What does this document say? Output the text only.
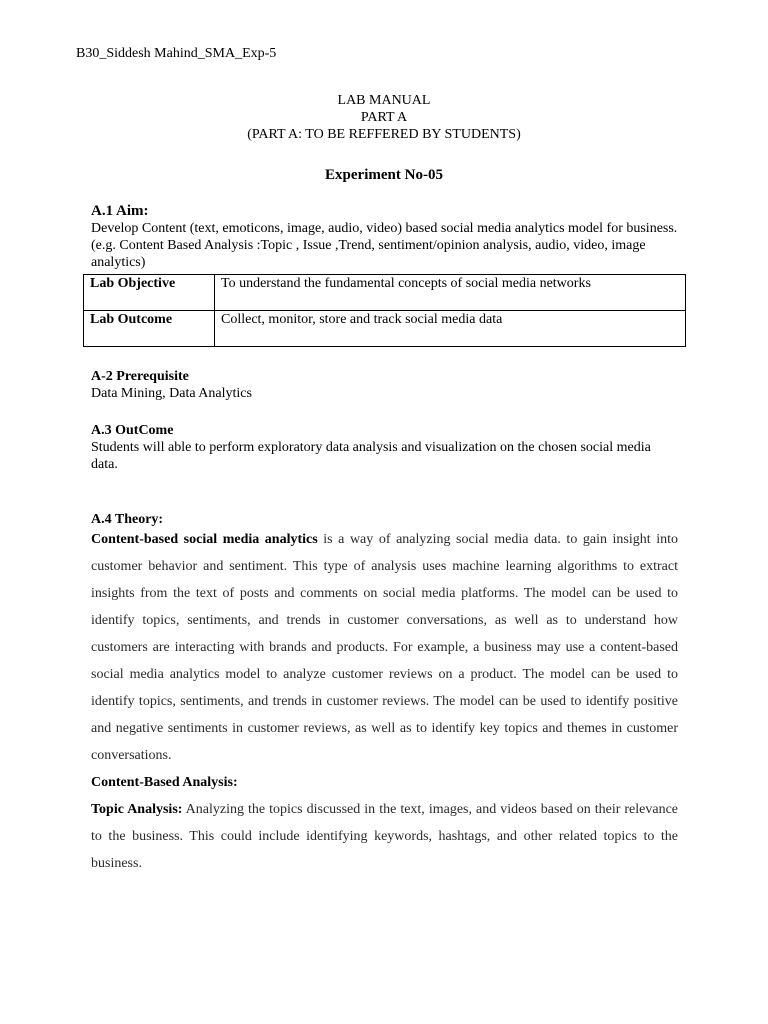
B30_Siddesh Mahind_SMA_Exp-5
LAB MANUAL
PART A
(PART A: TO BE REFFERED BY STUDENTS)
Experiment No-05
A.1 Aim:
Develop Content (text, emoticons, image, audio, video) based social media analytics model for business. (e.g. Content Based Analysis :Topic , Issue ,Trend, sentiment/opinion analysis, audio, video, image analytics)
Lab Objective	To understand the fundamental concepts of social media networks
Lab Outcome	Collect, monitor, store and track social media data
A-2 Prerequisite
Data Mining, Data Analytics
A.3 OutCome
Students will able to perform exploratory data analysis and visualization on the chosen social media data.
A.4 Theory:
Content-based social media analytics is a way of analyzing social media data. to gain insight into customer behavior and sentiment. This type of analysis uses machine learning algorithms to extract insights from the text of posts and comments on social media platforms. The model can be used to identify topics, sentiments, and trends in customer conversations, as well as to understand how customers are interacting with brands and products. For example, a business may use a content-based social media analytics model to analyze customer reviews on a product. The model can be used to identify topics, sentiments, and trends in customer reviews. The model can be used to identify positive and negative sentiments in customer reviews, as well as to identify key topics and themes in customer conversations.
Content-Based Analysis:
Topic Analysis: Analyzing the topics discussed in the text, images, and videos based on their relevance to the business. This could include identifying keywords, hashtags, and other related topics to the business.
